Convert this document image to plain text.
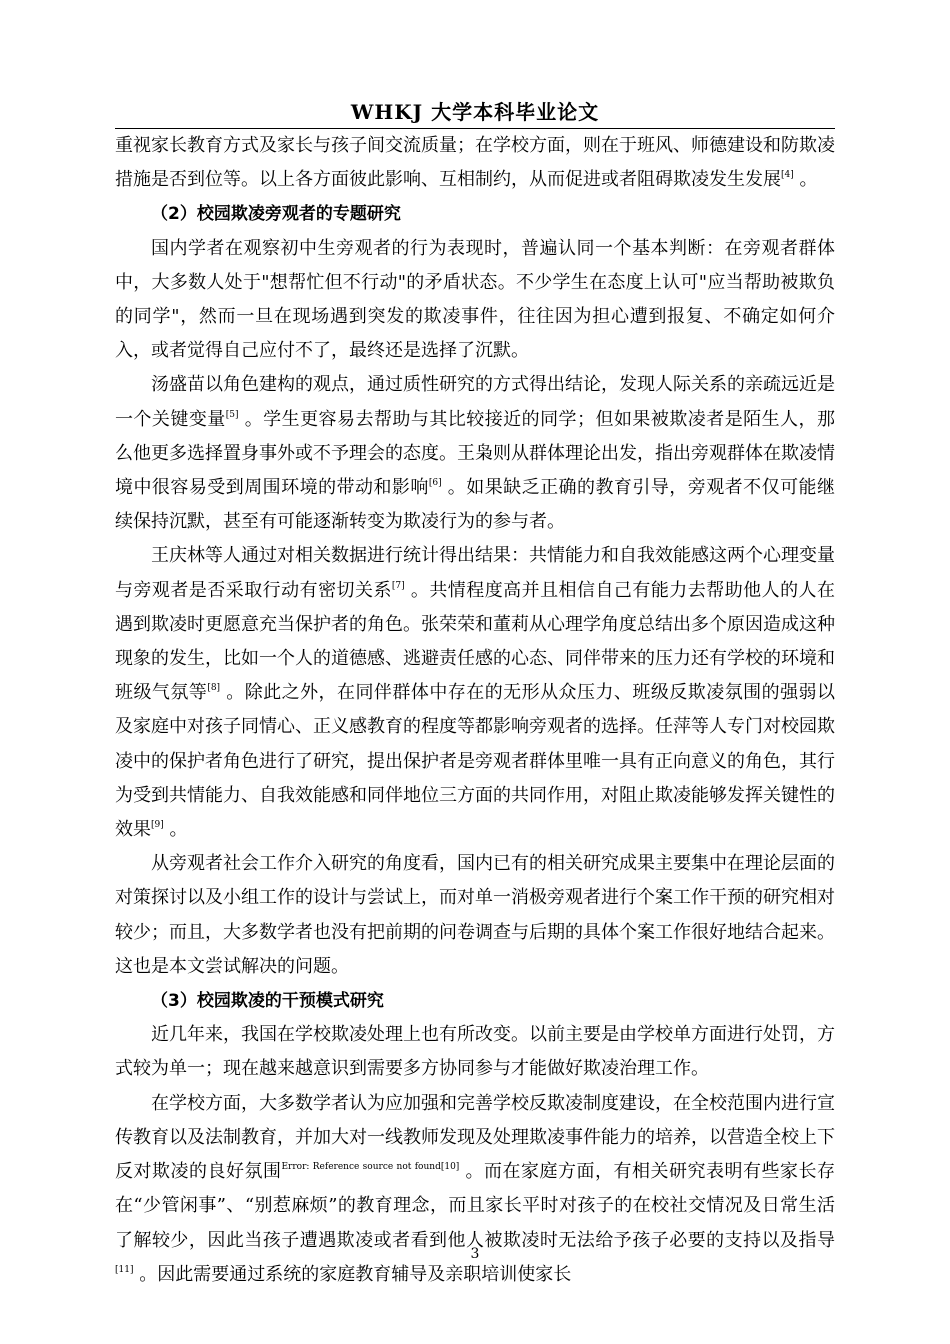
WHKJ 大学本科毕业论文

重视家长教育方式及家长与孩子间交流质量；在学校方面，则在于班风、师德建设和防欺凌措施是否到位等。以上各方面彼此影响、互相制约，从而促进或者阻碍欺凌发生发展[4] 。

（2）校园欺凌旁观者的专题研究

国内学者在观察初中生旁观者的行为表现时，普遍认同一个基本判断：在旁观者群体中，大多数人处于"想帮忙但不行动"的矛盾状态。不少学生在态度上认可"应当帮助被欺负的同学"，然而一旦在现场遇到突发的欺凌事件，往往因为担心遭到报复、不确定如何介入，或者觉得自己应付不了，最终还是选择了沉默。

汤盛苗以角色建构的观点，通过质性研究的方式得出结论，发现人际关系的亲疏远近是一个关键变量[5] 。学生更容易去帮助与其比较接近的同学；但如果被欺凌者是陌生人，那么他更多选择置身事外或不予理会的态度。王枭则从群体理论出发，指出旁观群体在欺凌情境中很容易受到周围环境的带动和影响[6] 。如果缺乏正确的教育引导，旁观者不仅可能继续保持沉默，甚至有可能逐渐转变为欺凌行为的参与者。

王庆林等人通过对相关数据进行统计得出结果：共情能力和自我效能感这两个心理变量与旁观者是否采取行动有密切关系[7] 。共情程度高并且相信自己有能力去帮助他人的人在遇到欺凌时更愿意充当保护者的角色。张荣荣和董莉从心理学角度总结出多个原因造成这种现象的发生，比如一个人的道德感、逃避责任感的心态、同伴带来的压力还有学校的环境和班级气氛等[8] 。除此之外，在同伴群体中存在的无形从众压力、班级反欺凌氛围的强弱以及家庭中对孩子同情心、正义感教育的程度等都影响旁观者的选择。任萍等人专门对校园欺凌中的保护者角色进行了研究，提出保护者是旁观者群体里唯一具有正向意义的角色，其行为受到共情能力、自我效能感和同伴地位三方面的共同作用，对阻止欺凌能够发挥关键性的效果[9] 。

从旁观者社会工作介入研究的角度看，国内已有的相关研究成果主要集中在理论层面的对策探讨以及小组工作的设计与尝试上，而对单一消极旁观者进行个案工作干预的研究相对较少；而且，大多数学者也没有把前期的问卷调查与后期的具体个案工作很好地结合起来。这也是本文尝试解决的问题。

（3）校园欺凌的干预模式研究

近几年来，我国在学校欺凌处理上也有所改变。以前主要是由学校单方面进行处罚，方式较为单一；现在越来越意识到需要多方协同参与才能做好欺凌治理工作。

在学校方面，大多数学者认为应加强和完善学校反欺凌制度建设，在全校范围内进行宣传教育以及法制教育，并加大对一线教师发现及处理欺凌事件能力的培养，以营造全校上下反对欺凌的良好氛围$^{Error: Reference source not found[10]}$ 。而在家庭方面，有相关研究表明有些家长存在“少管闲事”、“别惹麻烦”的教育理念，而且家长平时对孩子的在校社交情况及日常生活了解较少，因此当孩子遭遇欺凌或者看到他人被欺凌时无法给予孩子必要的支持以及指导[11] 。因此需要通过系统的家庭教育辅导及亲职培训使家长

3
